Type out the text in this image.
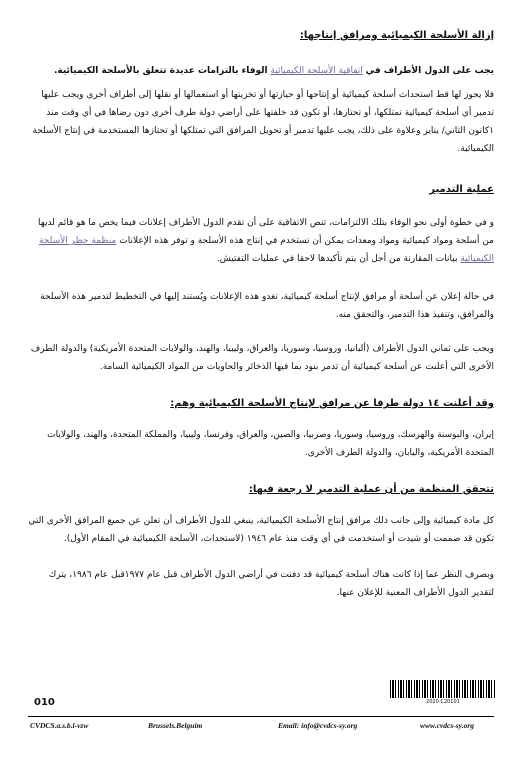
إزالة الأسلحة الكيميائية ومرافق إنتاجها:
يجب على الدول الأطراف في اتفاقية الأسلحة الكيميائية الوفاء بالتزامات عديدة تتعلق بالأسلحة الكيميائية.
فلا يجوز لها قط استحداث أسلحة كيميائية أو إنتاجها أو حيازتها أو تخزينها أو استعمالها أو نقلها إلى أطراف أخرى ويجب عليها تدمير أي أسلحة كيميائية تمتلكها، أو تحتازها، أو تكون قد خلفتها على أراضي دولة طرف أخرى دون رضاها في أي وقت منذ ١كانون الثاني/ يناير وعلاوة على ذلك، يجب عليها تدمير أو تحويل المرافق التي تمتلكها أو تحتازها المستخدمة في إنتاج الأسلحة الكيميائية.
عملية التدمير
و في خطوة أولى نحو الوفاء بتلك الالتزامات، تنص الاتفاقية على أن تقدم الدول الأطراف إعلانات فيما يخص ما هو قائم لديها من أسلحة ومواد كيميائية ومواد ومعدات يمكن أن تستخدم في إنتاج هذه الأسلحة و توفر هذه الإعلانات منظمة حظر الأسلحة الكيميائية بيانات المقارنة من أجل أن يتم تأكيدها لاحقا في عمليات التفتيش.
في حالة إعلان عن أسلحة أو مرافق لإنتاج أسلحة كيميائية، تغدو هذه الإعلانات ويُستند إليها في التخطيط لتدمير هذه الأسلحة والمرافق، وتنفيذ هذا التدمير، والتحقق منه.
ويجب على ثماني الدول الأطراف (ألبانيا، وروسيا، وسوريا، والعراق، وليبيا، والهند، والولايات المتحدة الأمريكية) والدولة الطرف الأخرى التي أعلنت عن أسلحة كيميائية أن تدمر بنود بما فيها الذخائر والحاويات من المواد الكيميائية السامة.
وقد أعلنت ١٤ دولة طرفا عن مرافق لإنتاج الأسلحة الكيميائية وهم:
إيران، والبوسنة والهرسك، وروسيا، وسوريا، وصربيا، والصين، والعراق، وفرنسا، وليبيا، والمملكة المتحدة، والهند، والولايات المتحدة الأمريكية، واليابان، والدولة الطرف الأخرى.
تتحقق المنظمة من أن عملية التدمير لا رجعة فيها:
كل مادة كيميائية وإلى جانب ذلك مرافق إنتاج الأسلحة الكيميائية، ينبغي للدول الأطراف أن تعلن عن جميع المرافق الأخرى التي تكون قد صممت أو شيدت أو استخدمت في أي وقت منذ عام ١٩٤٦ (لاستحداث، الأسلحة الكيميائية في المقام الأول).
وبصرف النظر عما إذا كانت هناك أسلحة كيميائية قد دفنت في أراضي الدول الأطراف قبل عام ١٩٧٧قبل عام ١٩٨٦، يترك لتقدير الدول الأطراف المعنية للإعلان عنها.
2020.C20101
010
CVDCS.a.s.b.l-vzw	Brussels.Belguim	Email: info@cvdcs-sy.org	www.cvdcs-sy.org
